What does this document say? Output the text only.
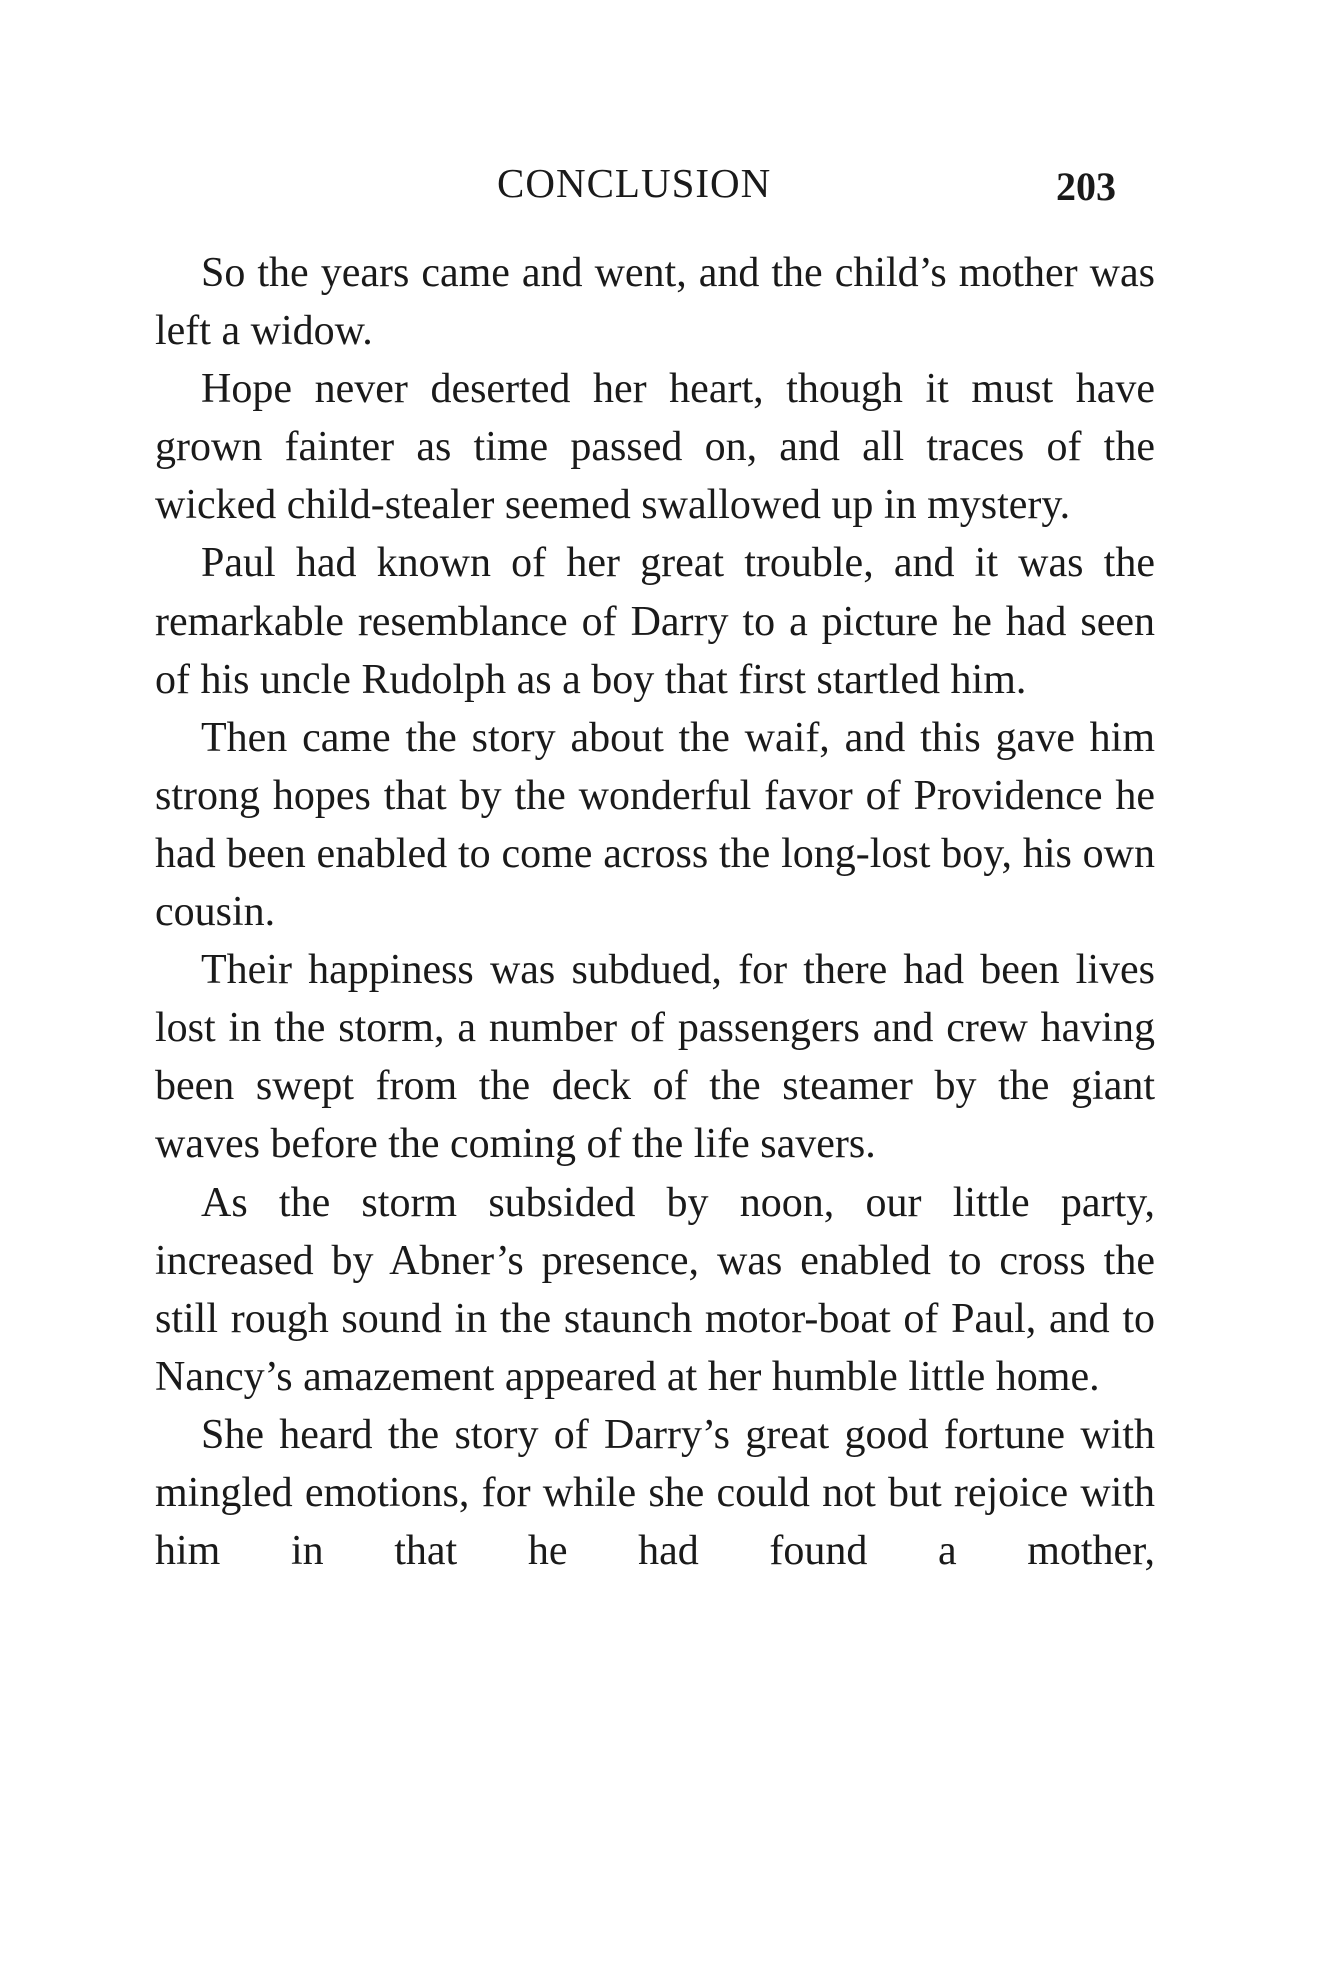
CONCLUSION	203

So the years came and went, and the child’s mother was left a widow.

Hope never deserted her heart, though it must have grown fainter as time passed on, and all traces of the wicked child-stealer seemed swallowed up in mystery.

Paul had known of her great trouble, and it was the remarkable resemblance of Darry to a picture he had seen of his uncle Rudolph as a boy that first startled him.

Then came the story about the waif, and this gave him strong hopes that by the wonderful favor of Providence he had been enabled to come across the long-lost boy, his own cousin.

Their happiness was subdued, for there had been lives lost in the storm, a number of passengers and crew having been swept from the deck of the steamer by the giant waves before the coming of the life savers.

As the storm subsided by noon, our little party, increased by Abner’s presence, was enabled to cross the still rough sound in the staunch motor-boat of Paul, and to Nancy’s amazement appeared at her humble little home.

She heard the story of Darry’s great good fortune with mingled emotions, for while she could not but rejoice with him in that he had found a mother,
